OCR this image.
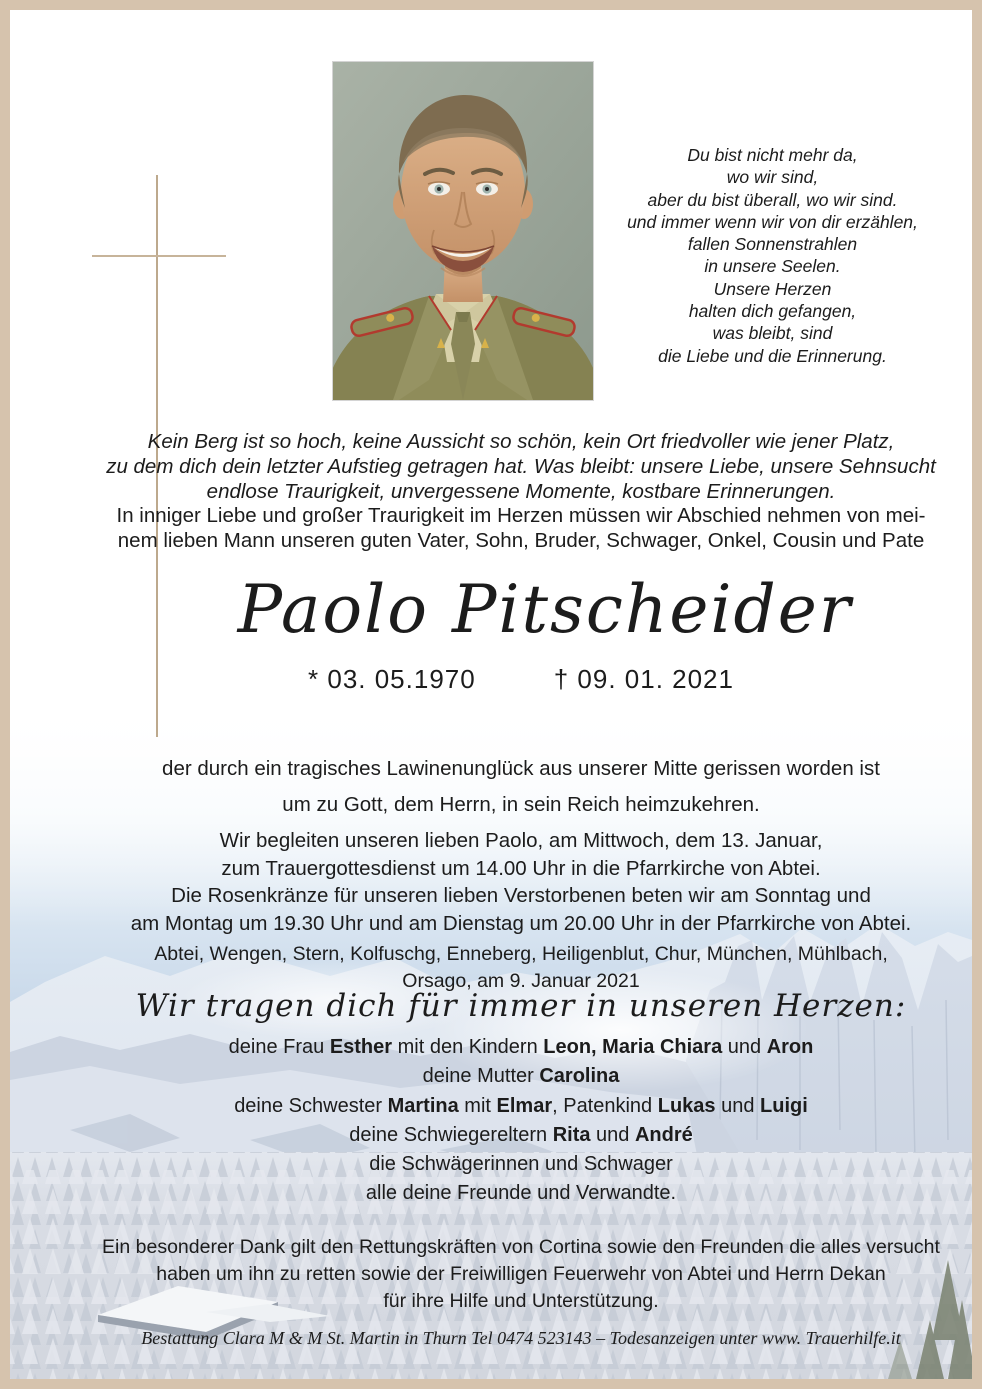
Du bist nicht mehr da,
wo wir sind,
aber du bist überall, wo wir sind.
und immer wenn wir von dir erzählen,
fallen Sonnenstrahlen
in unsere Seelen.
Unsere Herzen
halten dich gefangen,
was bleibt, sind
die Liebe und die Erinnerung.
Kein Berg ist so hoch, keine Aussicht so schön, kein Ort friedvoller wie jener Platz,
zu dem dich dein letzter Aufstieg getragen hat. Was bleibt: unsere Liebe, unsere Sehnsucht
endlose Traurigkeit, unvergessene Momente, kostbare Erinnerungen.
In inniger Liebe und großer Traurigkeit im Herzen müssen wir Abschied nehmen von mei-
nem lieben Mann unseren guten Vater, Sohn, Bruder, Schwager, Onkel, Cousin und Pate
Paolo Pitscheider
* 03. 05.1970	† 09. 01. 2021
der durch ein tragisches Lawinenunglück aus unserer Mitte gerissen worden ist
um zu Gott, dem Herrn, in sein Reich heimzukehren.
Wir begleiten unseren lieben Paolo, am Mittwoch, dem 13. Januar,
zum Trauergottesdienst um 14.00 Uhr in die Pfarrkirche von Abtei.
Die Rosenkränze für unseren lieben Verstorbenen beten wir am Sonntag und
am Montag um 19.30 Uhr und am Dienstag um 20.00 Uhr in der Pfarrkirche von Abtei.
Abtei, Wengen, Stern, Kolfuschg, Enneberg, Heiligenblut, Chur, München, Mühlbach,
Orsago, am 9. Januar 2021
Wir tragen dich für immer in unseren Herzen:
deine Frau Esther mit den Kindern Leon, Maria Chiara und Aron
deine Mutter Carolina
deine Schwester Martina mit Elmar, Patenkind Lukas und Luigi
deine Schwiegereltern Rita und André
die Schwägerinnen und Schwager
alle deine Freunde und Verwandte.
Ein besonderer Dank gilt den Rettungskräften von Cortina sowie den Freunden die alles versucht
haben um ihn zu retten sowie der Freiwilligen Feuerwehr von Abtei und Herrn Dekan
für ihre Hilfe und Unterstützung.
Bestattung Clara M & M St. Martin in Thurn Tel 0474 523143 – Todesanzeigen unter www. Trauerhilfe.it
